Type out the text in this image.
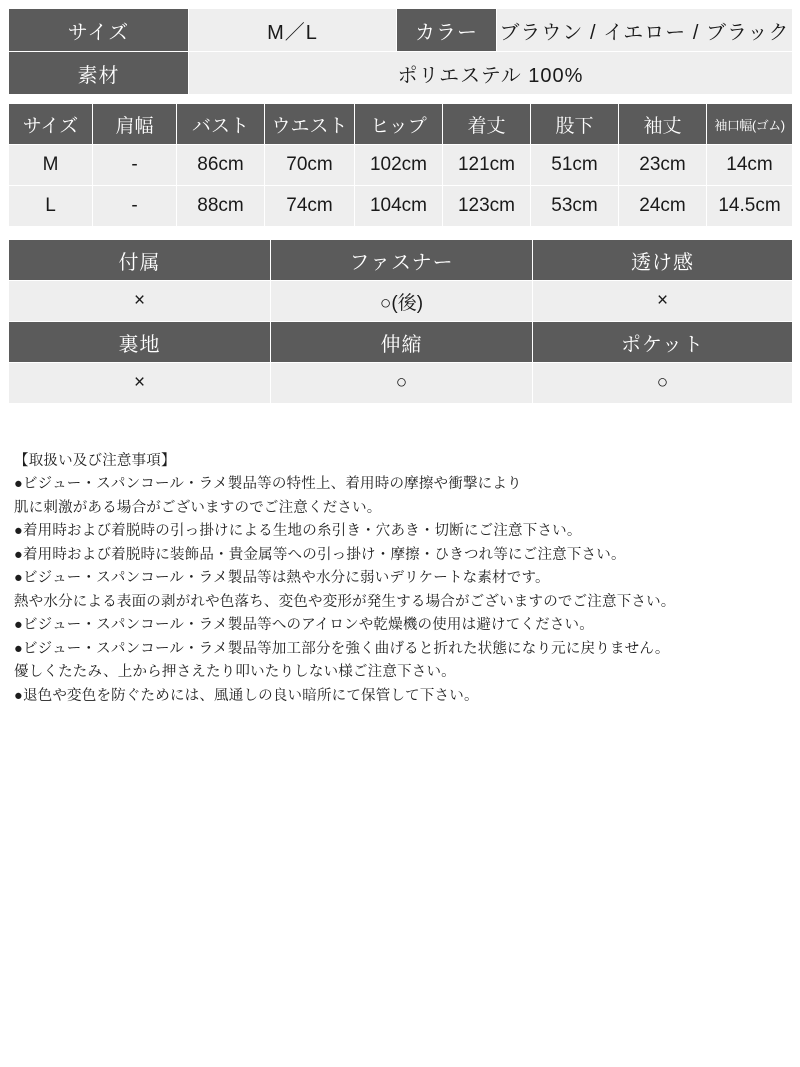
サイズ	M／L	カラー	ブラウン / イエロー / ブラック
素材	ポリエステル 100%		
サイズ	肩幅	バスト	ウエスト	ヒップ	着丈	股下	袖丈	袖口幅(ゴム)
M	-	86cm	70cm	102cm	121cm	51cm	23cm	14cm
L	-	88cm	74cm	104cm	123cm	53cm	24cm	14.5cm
付属	ファスナー	透け感
×	○(後)	×
裏地	伸縮	ポケット
×	○	○
【取扱い及び注意事項】
●ビジュー・スパンコール・ラメ製品等の特性上、着用時の摩擦や衝撃により
肌に刺激がある場合がございますのでご注意ください。
●着用時および着脱時の引っ掛けによる生地の糸引き・穴あき・切断にご注意下さい。
●着用時および着脱時に装飾品・貴金属等への引っ掛け・摩擦・ひきつれ等にご注意下さい。
●ビジュー・スパンコール・ラメ製品等は熱や水分に弱いデリケートな素材です。
熱や水分による表面の剥がれや色落ち、変色や変形が発生する場合がございますのでご注意下さい。
●ビジュー・スパンコール・ラメ製品等へのアイロンや乾燥機の使用は避けてください。
●ビジュー・スパンコール・ラメ製品等加工部分を強く曲げると折れた状態になり元に戻りません。
優しくたたみ、上から押さえたり叩いたりしない様ご注意下さい。
●退色や変色を防ぐためには、風通しの良い暗所にて保管して下さい。
